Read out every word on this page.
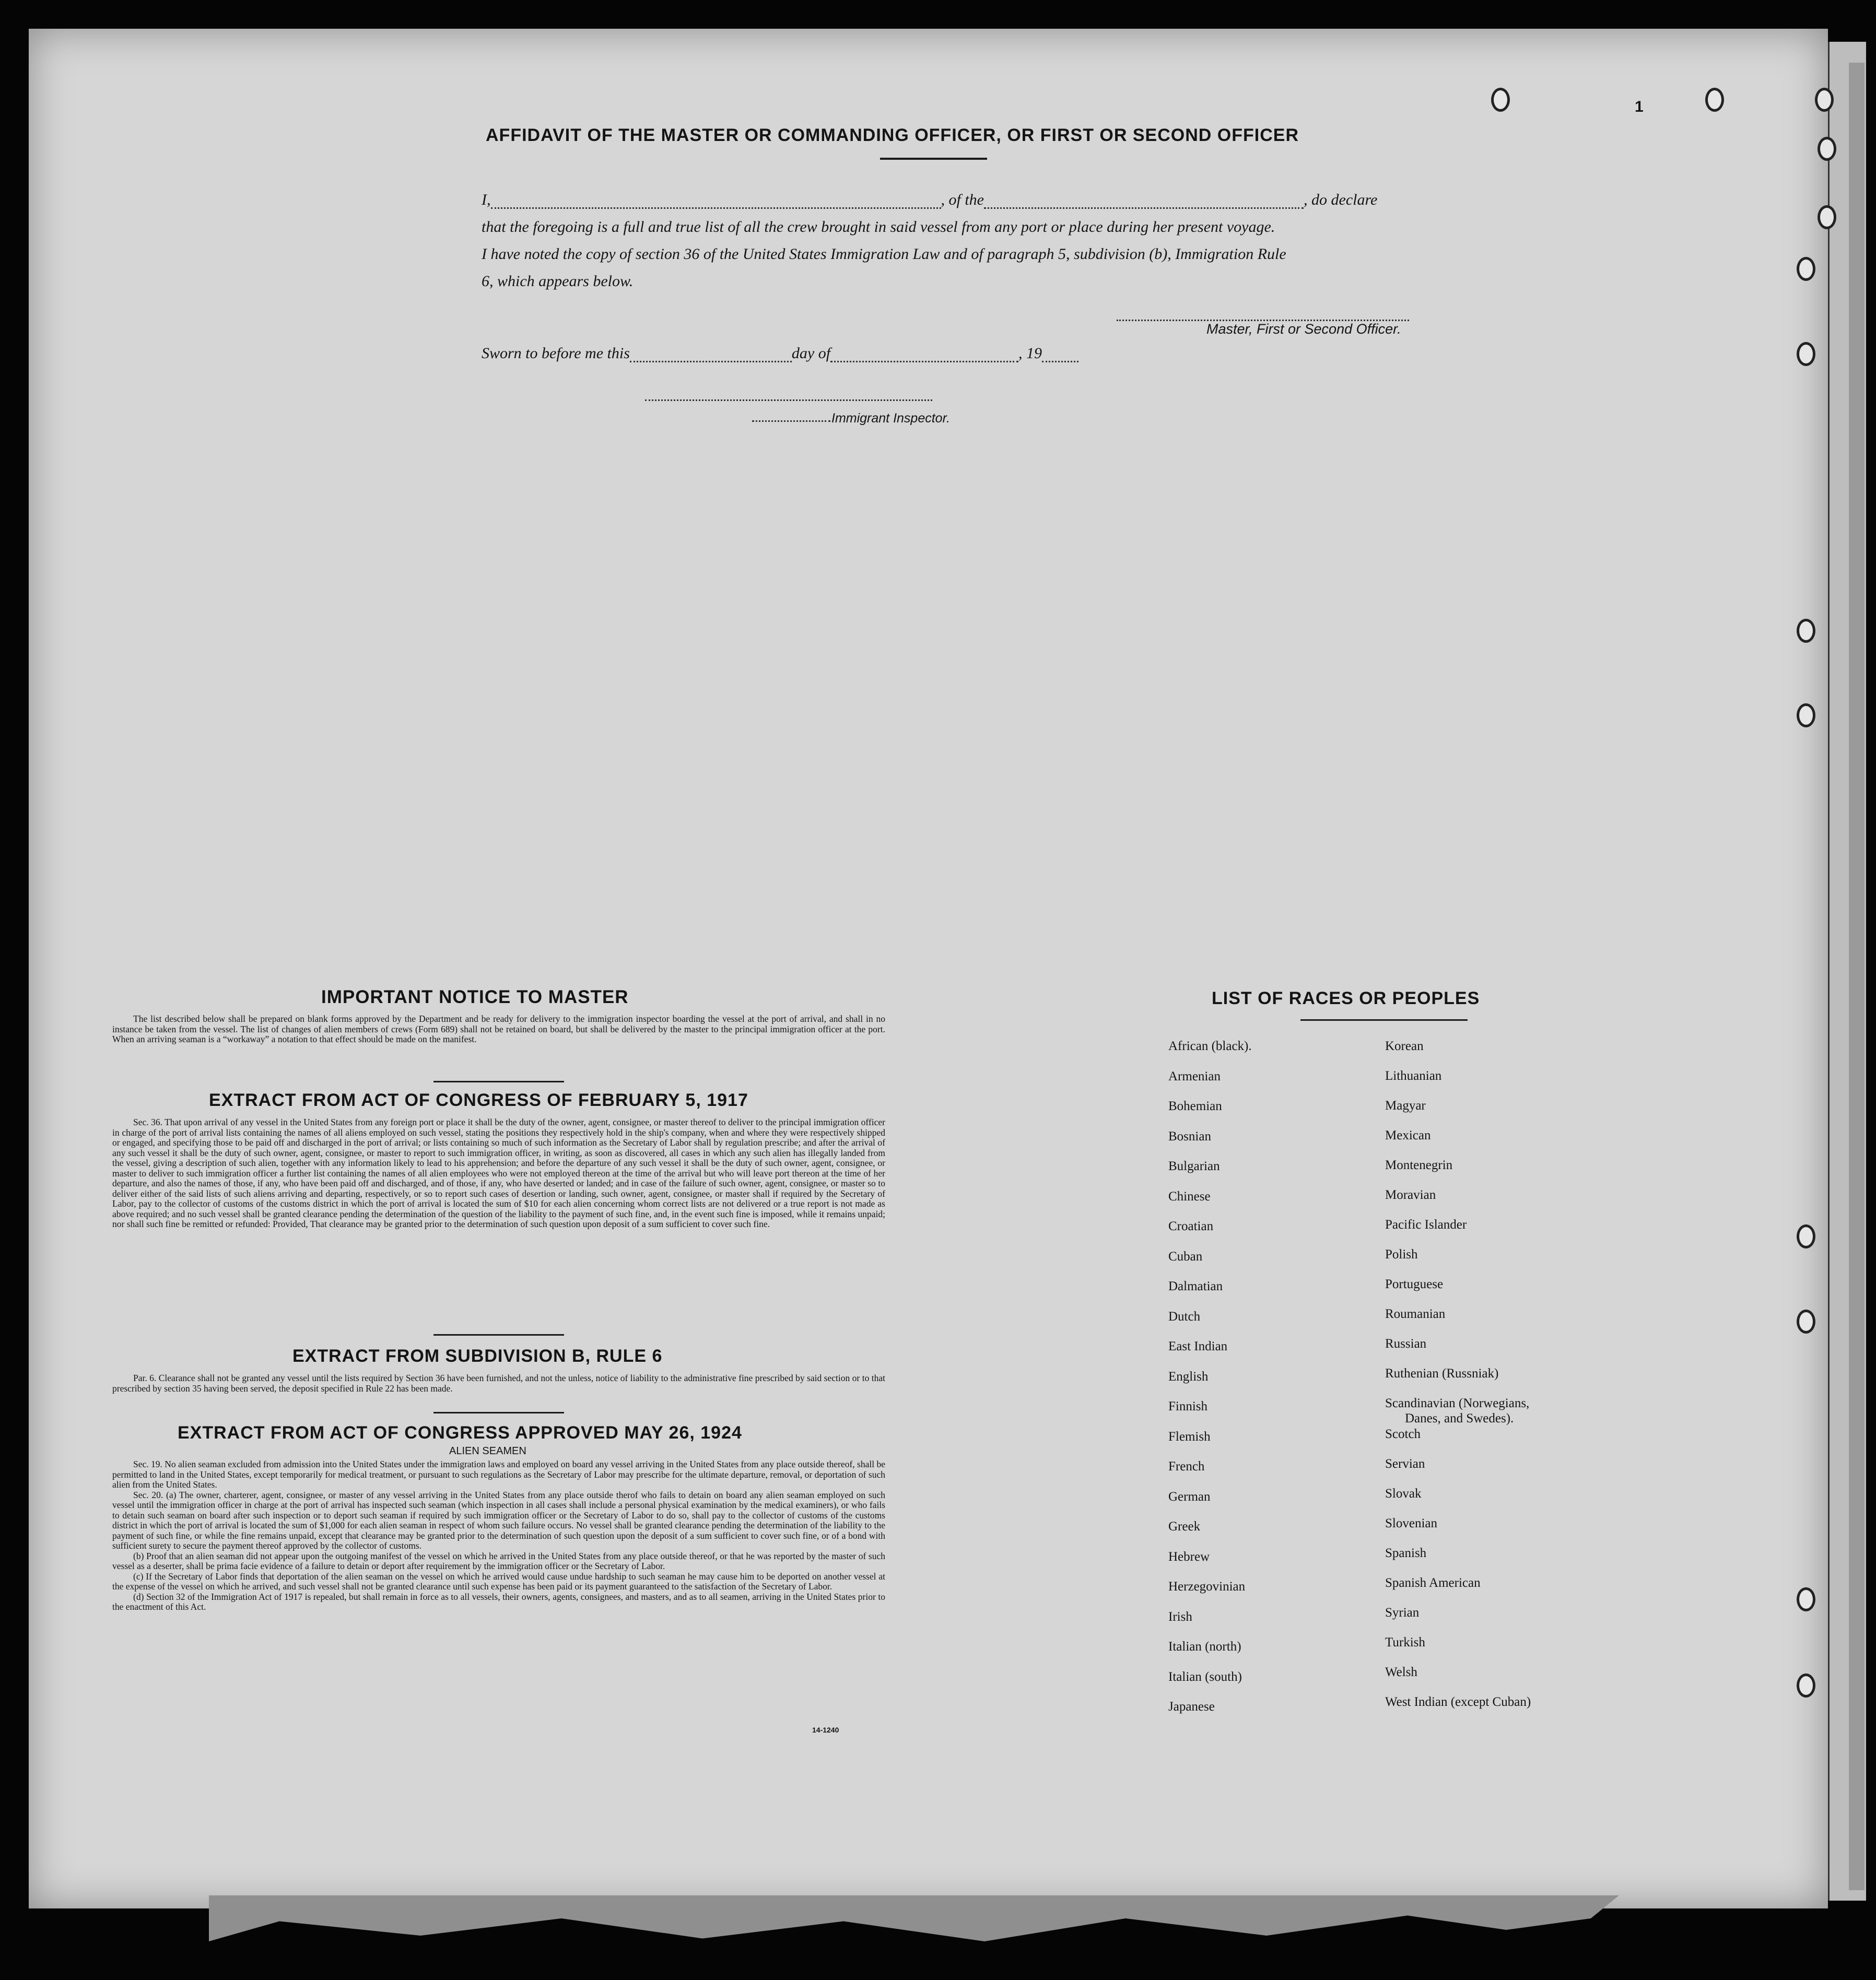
1
AFFIDAVIT OF THE MASTER OR COMMANDING OFFICER, OR FIRST OR SECOND OFFICER
I,	, of the	, do declare
that the foregoing is a full and true list of all the crew brought in said vessel from any port or place during her present voyage.
I have noted the copy of section 36 of the United States Immigration Law and of paragraph 5, subdivision (b), Immigration Rule
6, which appears below.
Master, First or Second Officer.
Sworn to before me this	day of	, 19
Immigrant Inspector.
IMPORTANT NOTICE TO MASTER
The list described below shall be prepared on blank forms approved by the Department and be ready for delivery to the immigration inspector boarding the vessel at the port of arrival, and shall in no instance be taken from the vessel. The list of changes of alien members of crews (Form 689) shall not be retained on board, but shall be delivered by the master to the principal immigration officer at the port. When an arriving seaman is a “workaway” a notation to that effect should be made on the manifest.
EXTRACT FROM ACT OF CONGRESS OF FEBRUARY 5, 1917
Sec. 36. That upon arrival of any vessel in the United States from any foreign port or place it shall be the duty of the owner, agent, consignee, or master thereof to deliver to the principal immigration officer in charge of the port of arrival lists containing the names of all aliens employed on such vessel, stating the positions they respectively hold in the ship's company, when and where they were respectively shipped or engaged, and specifying those to be paid off and discharged in the port of arrival; or lists containing so much of such information as the Secretary of Labor shall by regulation prescribe; and after the arrival of any such vessel it shall be the duty of such owner, agent, consignee, or master to report to such immigration officer, in writing, as soon as discovered, all cases in which any such alien has illegally landed from the vessel, giving a description of such alien, together with any information likely to lead to his apprehension; and before the departure of any such vessel it shall be the duty of such owner, agent, consignee, or master to deliver to such immigration officer a further list containing the names of all alien employees who were not employed thereon at the time of the arrival but who will leave port thereon at the time of her departure, and also the names of those, if any, who have been paid off and discharged, and of those, if any, who have deserted or landed; and in case of the failure of such owner, agent, consignee, or master so to deliver either of the said lists of such aliens arriving and departing, respectively, or so to report such cases of desertion or landing, such owner, agent, consignee, or master shall if required by the Secretary of Labor, pay to the collector of customs of the customs district in which the port of arrival is located the sum of $10 for each alien concerning whom correct lists are not delivered or a true report is not made as above required; and no such vessel shall be granted clearance pending the determination of the question of the liability to the payment of such fine, and, in the event such fine is imposed, while it remains unpaid; nor shall such fine be remitted or refunded: Provided, That clearance may be granted prior to the determination of such question upon deposit of a sum sufficient to cover such fine.
EXTRACT FROM SUBDIVISION B, RULE 6
Par. 6. Clearance shall not be granted any vessel until the lists required by Section 36 have been furnished, and not the unless, notice of liability to the administrative fine prescribed by said section or to that prescribed by section 35 having been served, the deposit specified in Rule 22 has been made.
EXTRACT FROM ACT OF CONGRESS APPROVED MAY 26, 1924
ALIEN SEAMEN
Sec. 19. No alien seaman excluded from admission into the United States under the immigration laws and employed on board any vessel arriving in the United States from any place outside thereof, shall be permitted to land in the United States, except temporarily for medical treatment, or pursuant to such regulations as the Secretary of Labor may prescribe for the ultimate departure, removal, or deportation of such alien from the United States.
Sec. 20. (a) The owner, charterer, agent, consignee, or master of any vessel arriving in the United States from any place outside therof who fails to detain on board any alien seaman employed on such vessel until the immigration officer in charge at the port of arrival has inspected such seaman (which inspection in all cases shall include a personal physical examination by the medical examiners), or who fails to detain such seaman on board after such inspection or to deport such seaman if required by such immigration officer or the Secretary of Labor to do so, shall pay to the collector of customs of the customs district in which the port of arrival is located the sum of $1,000 for each alien seaman in respect of whom such failure occurs. No vessel shall be granted clearance pending the determination of the liability to the payment of such fine, or while the fine remains unpaid, except that clearance may be granted prior to the determination of such question upon the deposit of a sum sufficient to cover such fine, or of a bond with sufficient surety to secure the payment thereof approved by the collector of customs.
(b) Proof that an alien seaman did not appear upon the outgoing manifest of the vessel on which he arrived in the United States from any place outside thereof, or that he was reported by the master of such vessel as a deserter, shall be prima facie evidence of a failure to detain or deport after requirement by the immigration officer or the Secretary of Labor.
(c) If the Secretary of Labor finds that deportation of the alien seaman on the vessel on which he arrived would cause undue hardship to such seaman he may cause him to be deported on another vessel at the expense of the vessel on which he arrived, and such vessel shall not be granted clearance until such expense has been paid or its payment guaranteed to the satisfaction of the Secretary of Labor.
(d) Section 32 of the Immigration Act of 1917 is repealed, but shall remain in force as to all vessels, their owners, agents, consignees, and masters, and as to all seamen, arriving in the United States prior to the enactment of this Act.
14-1240
LIST OF RACES OR PEOPLES
African (black).
Armenian
Bohemian
Bosnian
Bulgarian
Chinese
Croatian
Cuban
Dalmatian
Dutch
East Indian
English
Finnish
Flemish
French
German
Greek
Hebrew
Herzegovinian
Irish
Italian (north)
Italian (south)
Japanese
Korean
Lithuanian
Magyar
Mexican
Montenegrin
Moravian
Pacific Islander
Polish
Portuguese
Roumanian
Russian
Ruthenian (Russniak)
Scandinavian (Norwegians,
Danes, and Swedes).
Scotch
Servian
Slovak
Slovenian
Spanish
Spanish American
Syrian
Turkish
Welsh
West Indian (except Cuban)
